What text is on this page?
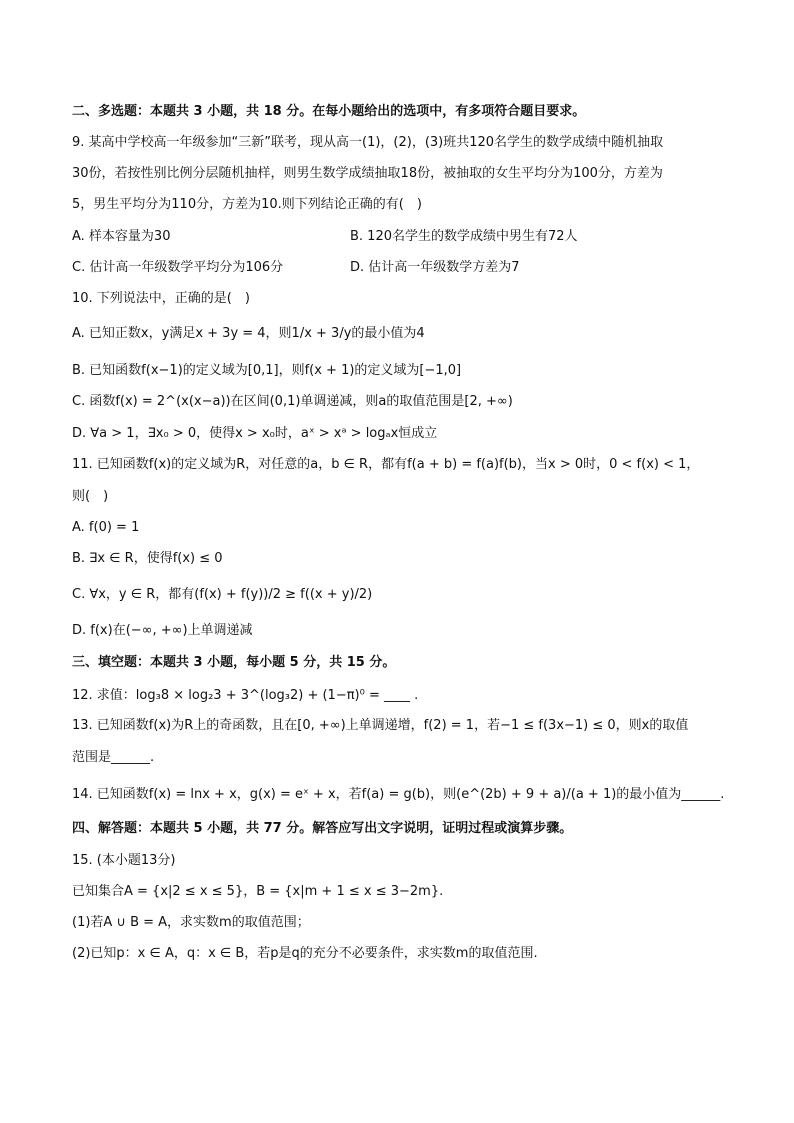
二、多选题：本题共 3 小题，共 18 分。在每小题给出的选项中，有多项符合题目要求。
9. 某高中学校高一年级参加“三新”联考，现从高一(1)，(2)，(3)班共120名学生的数学成绩中随机抽取
30份，若按性别比例分层随机抽样，则男生数学成绩抽取18份，被抽取的女生平均分为100分，方差为
5，男生平均分为110分，方差为10.则下列结论正确的有(　)
A. 样本容量为30	B. 120名学生的数学成绩中男生有72人
C. 估计高一年级数学平均分为106分	D. 估计高一年级数学方差为7
10. 下列说法中，正确的是(　)
A. 已知正数x，y满足x + 3y = 4，则1/x + 3/y的最小值为4
B. 已知函数f(x−1)的定义域为[0,1]，则f(x + 1)的定义域为[−1,0]
C. 函数f(x) = 2^(x(x−a))在区间(0,1)单调递减，则a的取值范围是[2, +∞)
D. ∀a > 1，∃x₀ > 0，使得x > x₀时，aˣ > xᵃ > logₐx恒成立
11. 已知函数f(x)的定义域为R，对任意的a，b ∈ R，都有f(a + b) = f(a)f(b)，当x > 0时，0 < f(x) < 1，
则(　)
A. f(0) = 1
B. ∃x ∈ R，使得f(x) ≤ 0
C. ∀x，y ∈ R，都有(f(x) + f(y))/2 ≥ f((x + y)/2)
D. f(x)在(−∞, +∞)上单调递减
三、填空题：本题共 3 小题，每小题 5 分，共 15 分。
12. 求值：log₃8 × log₂3 + 3^(log₃2) + (1−π)⁰ = ____ .
13. 已知函数f(x)为R上的奇函数，且在[0, +∞)上单调递增，f(2) = 1，若−1 ≤ f(3x−1) ≤ 0，则x的取值
范围是______.
14. 已知函数f(x) = lnx + x，g(x) = eˣ + x，若f(a) = g(b)，则(e^(2b) + 9 + a)/(a + 1)的最小值为______.
四、解答题：本题共 5 小题，共 77 分。解答应写出文字说明，证明过程或演算步骤。
15. (本小题13分)
已知集合A = {x|2 ≤ x ≤ 5}，B = {x|m + 1 ≤ x ≤ 3−2m}.
(1)若A ∪ B = A，求实数m的取值范围；
(2)已知p：x ∈ A，q：x ∈ B，若p是q的充分不必要条件，求实数m的取值范围.
